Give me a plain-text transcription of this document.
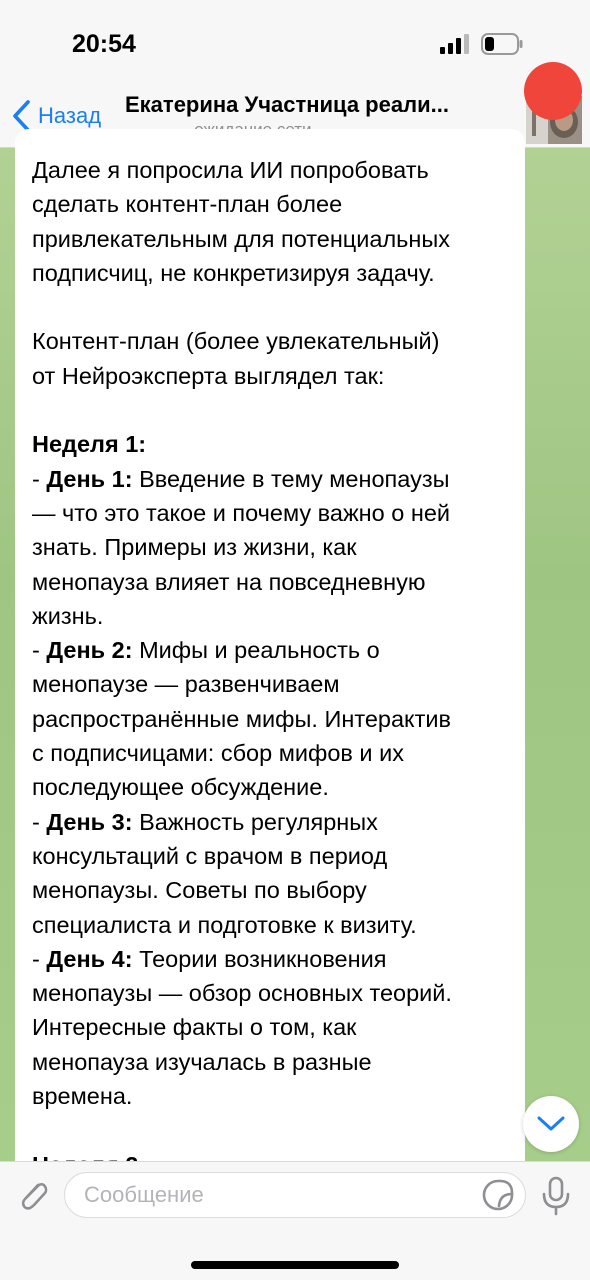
20:54
Назад Екатерина Участница реали...

Далее я попросила ИИ попробовать

сделать контент-план более

привлекательным для потенциальных

подписчиц, не конкретизируя задачу.

Контент-план (более увлекательный)

от Нейроэксперта выглядел так:

Неделя 1:

- День 1: Введение в тему менопаузы

— что это такое и почему важно о ней

знать. Примеры из жизни, как

менопауза влияет на повседневную

жизнь.

- День 2: Мифы и реальность о

менопаузе — развенчиваем

распространённые мифы. Интерактив

с подписчицами: сбор мифов и их

последующее обсуждение.

- День 3: Важность регулярных

консультаций с врачом в период

менопаузы. Советы по выбору

специалиста и подготовке к визиту.

- День 4: Теории возникновения

менопаузы — обзор основных теорий.

Интересные факты о том, как

менопауза изучалась в разные

времена.

Сообщение
